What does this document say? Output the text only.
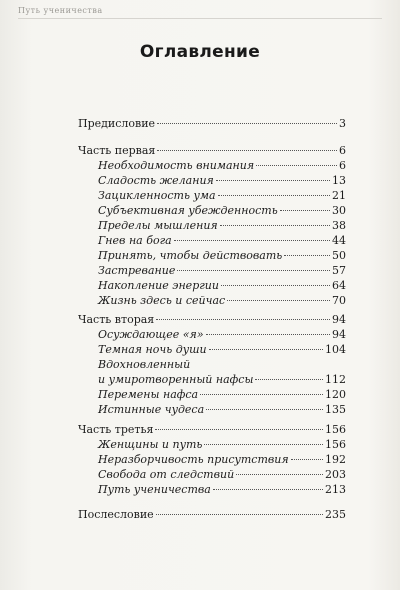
Путь ученичества
Оглавление
Предисловие	3
Часть первая	6
Необходимость внимания	6
Сладость желания	13
Зацикленность ума	21
Субъективная убежденность	30
Пределы мышления	38
Гнев на бога	44
Принять, чтобы действовать	50
Застревание	57
Накопление энергии	64
Жизнь здесь и сейчас	70
Часть вторая	94
Осуждающее «я»	94
Темная ночь души	104
Вдохновленный
и умиротворенный нафсы	112
Перемены нафса	120
Истинные чудеса	135
Часть третья	156
Женщины и путь	156
Неразборчивость присутствия	192
Свобода от следствий	203
Путь ученичества	213
Послесловие	235
